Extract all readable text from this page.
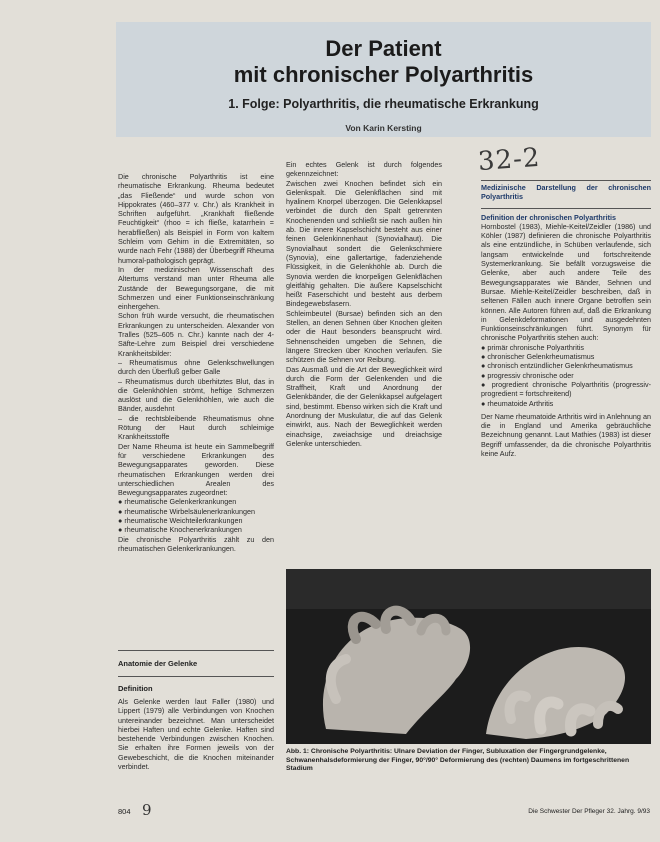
Der Patient
mit chronischer Polyarthritis
1. Folge: Polyarthritis, die rheumatische Erkrankung
Von Karin Kersting
32-2

Die chronische Polyarthritis ist eine rheumatische Erkrankung. Rheuma bedeutet „das Fließende“ und wurde schon von Hippokrates (460–377 v. Chr.) als Krankheit in Schriften aufgeführt. „Krankhaft fließende Feuchtigkeit“ (rhoo = ich fließe, katarrhein = herabfließen) als Beispiel in Form von kaltem Schleim vom Gehirn in die Extremitäten, so wurde nach Fehr (1988) der Überbegriff Rheuma humoral-pathologisch geprägt.

In der medizinischen Wissenschaft des Altertums verstand man unter Rheuma alle Zustände der Bewegungsorgane, die mit Schmerzen und einer Funktionseinschränkung einhergehen.

Schon früh wurde versucht, die rheumatischen Erkrankungen zu unterscheiden. Alexander von Tralles (525–605 n. Chr.) kannte nach der 4-Säfte-Lehre zum Beispiel drei verschiedene Krankheitsbilder:

– Rheumatismus ohne Gelenkschwellungen durch den Überfluß gelber Galle

– Rheumatismus durch überhitztes Blut, das in die Gelenkhöhlen strömt, heftige Schmerzen auslöst und die Gelenkhöhlen, wie auch die Bänder, ausdehnt

– die rechtsbleibende Rheumatismus ohne Rötung der Haut durch schleimige Krankheitsstoffe

Der Name Rheuma ist heute ein Sammelbegriff für verschiedene Erkrankungen des Bewegungsapparates geworden. Diese rheumatischen Erkrankungen werden drei unterschiedlichen Arealen des Bewegungsapparates zugeordnet:

● rheumatische Gelenkerkrankungen

● rheumatische Wirbelsäulenerkrankungen

● rheumatische Weichteilerkrankungen

● rheumatische Knochenerkrankungen

Die chronische Polyarthritis zählt zu den rheumatischen Gelenkerkrankungen.

Anatomie der Gelenke
Definition

Als Gelenke werden laut Faller (1980) und Lippert (1979) alle Verbindungen von Knochen untereinander bezeichnet. Man unterscheidet hierbei Haften und echte Gelenke. Haften sind bestehende Verbindungen zwischen Knochen. Sie erhalten ihre Formen jeweils von der Gewebeschicht, die die Knochen miteinander verbindet.

Ein echtes Gelenk ist durch folgendes gekennzeichnet:

Zwischen zwei Knochen befindet sich ein Gelenkspalt. Die Gelenkflächen sind mit hyalinem Knorpel überzogen. Die Gelenkkapsel verbindet die durch den Spalt getrennten Knochenenden und schließt sie nach außen hin ab. Die innere Kapselschicht besteht aus einer feinen Gelenkinnenhaut (Synovialhaut). Die Synovialhaut sondert die Gelenkschmiere (Synovia), eine gallertartige, fadenziehende Flüssigkeit, in die Gelenkhöhle ab. Durch die Synovia werden die knorpeligen Gelenkflächen gleitfähig gehalten. Die äußere Kapselschicht heißt Faserschicht und besteht aus derbem Bindegewebsfasern.

Schleimbeutel (Bursae) befinden sich an den Stellen, an denen Sehnen über Knochen gleiten oder die Haut besonders beansprucht wird. Sehnenscheiden umgeben die Sehnen, die längere Strecken über Knochen verlaufen. Sie schützen die Sehnen vor Reibung.

Das Ausmaß und die Art der Beweglichkeit wird durch die Form der Gelenkenden und die Straffheit, Kraft und Anordnung der Gelenkbänder, die der Gelenkkapsel aufgelagert sind, bestimmt. Ebenso wirken sich die Kraft und Anordnung der Muskulatur, die auf das Gelenk einwirkt, aus. Nach der Beweglichkeit werden einachsige, zweiachsige und dreiachsige Gelenke unterschieden.

Medizinische Darstellung der chronischen Polyarthritis

Definition der chronischen Polyarthritis

Hornbostel (1983), Miehle-Keitel/Zeidler (1986) und Köhler (1987) definieren die chronische Polyarthritis als eine entzündliche, in Schüben verlaufende, sich langsam entwickelnde und fortschreitende Systemerkrankung. Sie befällt vorzugsweise die Gelenke, aber auch andere Teile des Bewegungsapparates wie Bänder, Sehnen und Bursae. Miehle-Keitel/Zeidler beschreiben, daß in seltenen Fällen auch innere Organe betroffen sein können. Alle Autoren führen auf, daß die Erkrankung in Gelenkdeformationen und ausgedehnten Funktionseinschränkungen führt. Synonym für chronische Polyarthritis stehen auch:

● primär chronische Polyarthritis

● chronischer Gelenkrheumatismus

● chronisch entzündlicher Gelenkrheumatismus

● progressiv chronische oder

● progredient chronische Polyarthritis (progressiv-progredient = fortschreitend)

● rheumatoide Arthritis

Der Name rheumatoide Arthritis wird in Anlehnung an die in England und Amerika gebräuchliche Bezeichnung genannt. Laut Mathies (1983) ist dieser Begriff umfassender, da die chronische Polyarthritis keine Aufz.

Abb. 1: Chronische Polyarthritis: Ulnare Deviation der Finger, Subluxation der Fingergrundgelenke, Schwanenhalsdeformierung der Finger, 90°/90° Deformierung des (rechten) Daumens im fortgeschrittenen Stadium
804 9	Die Schwester Der Pfleger 32. Jahrg. 9/93
